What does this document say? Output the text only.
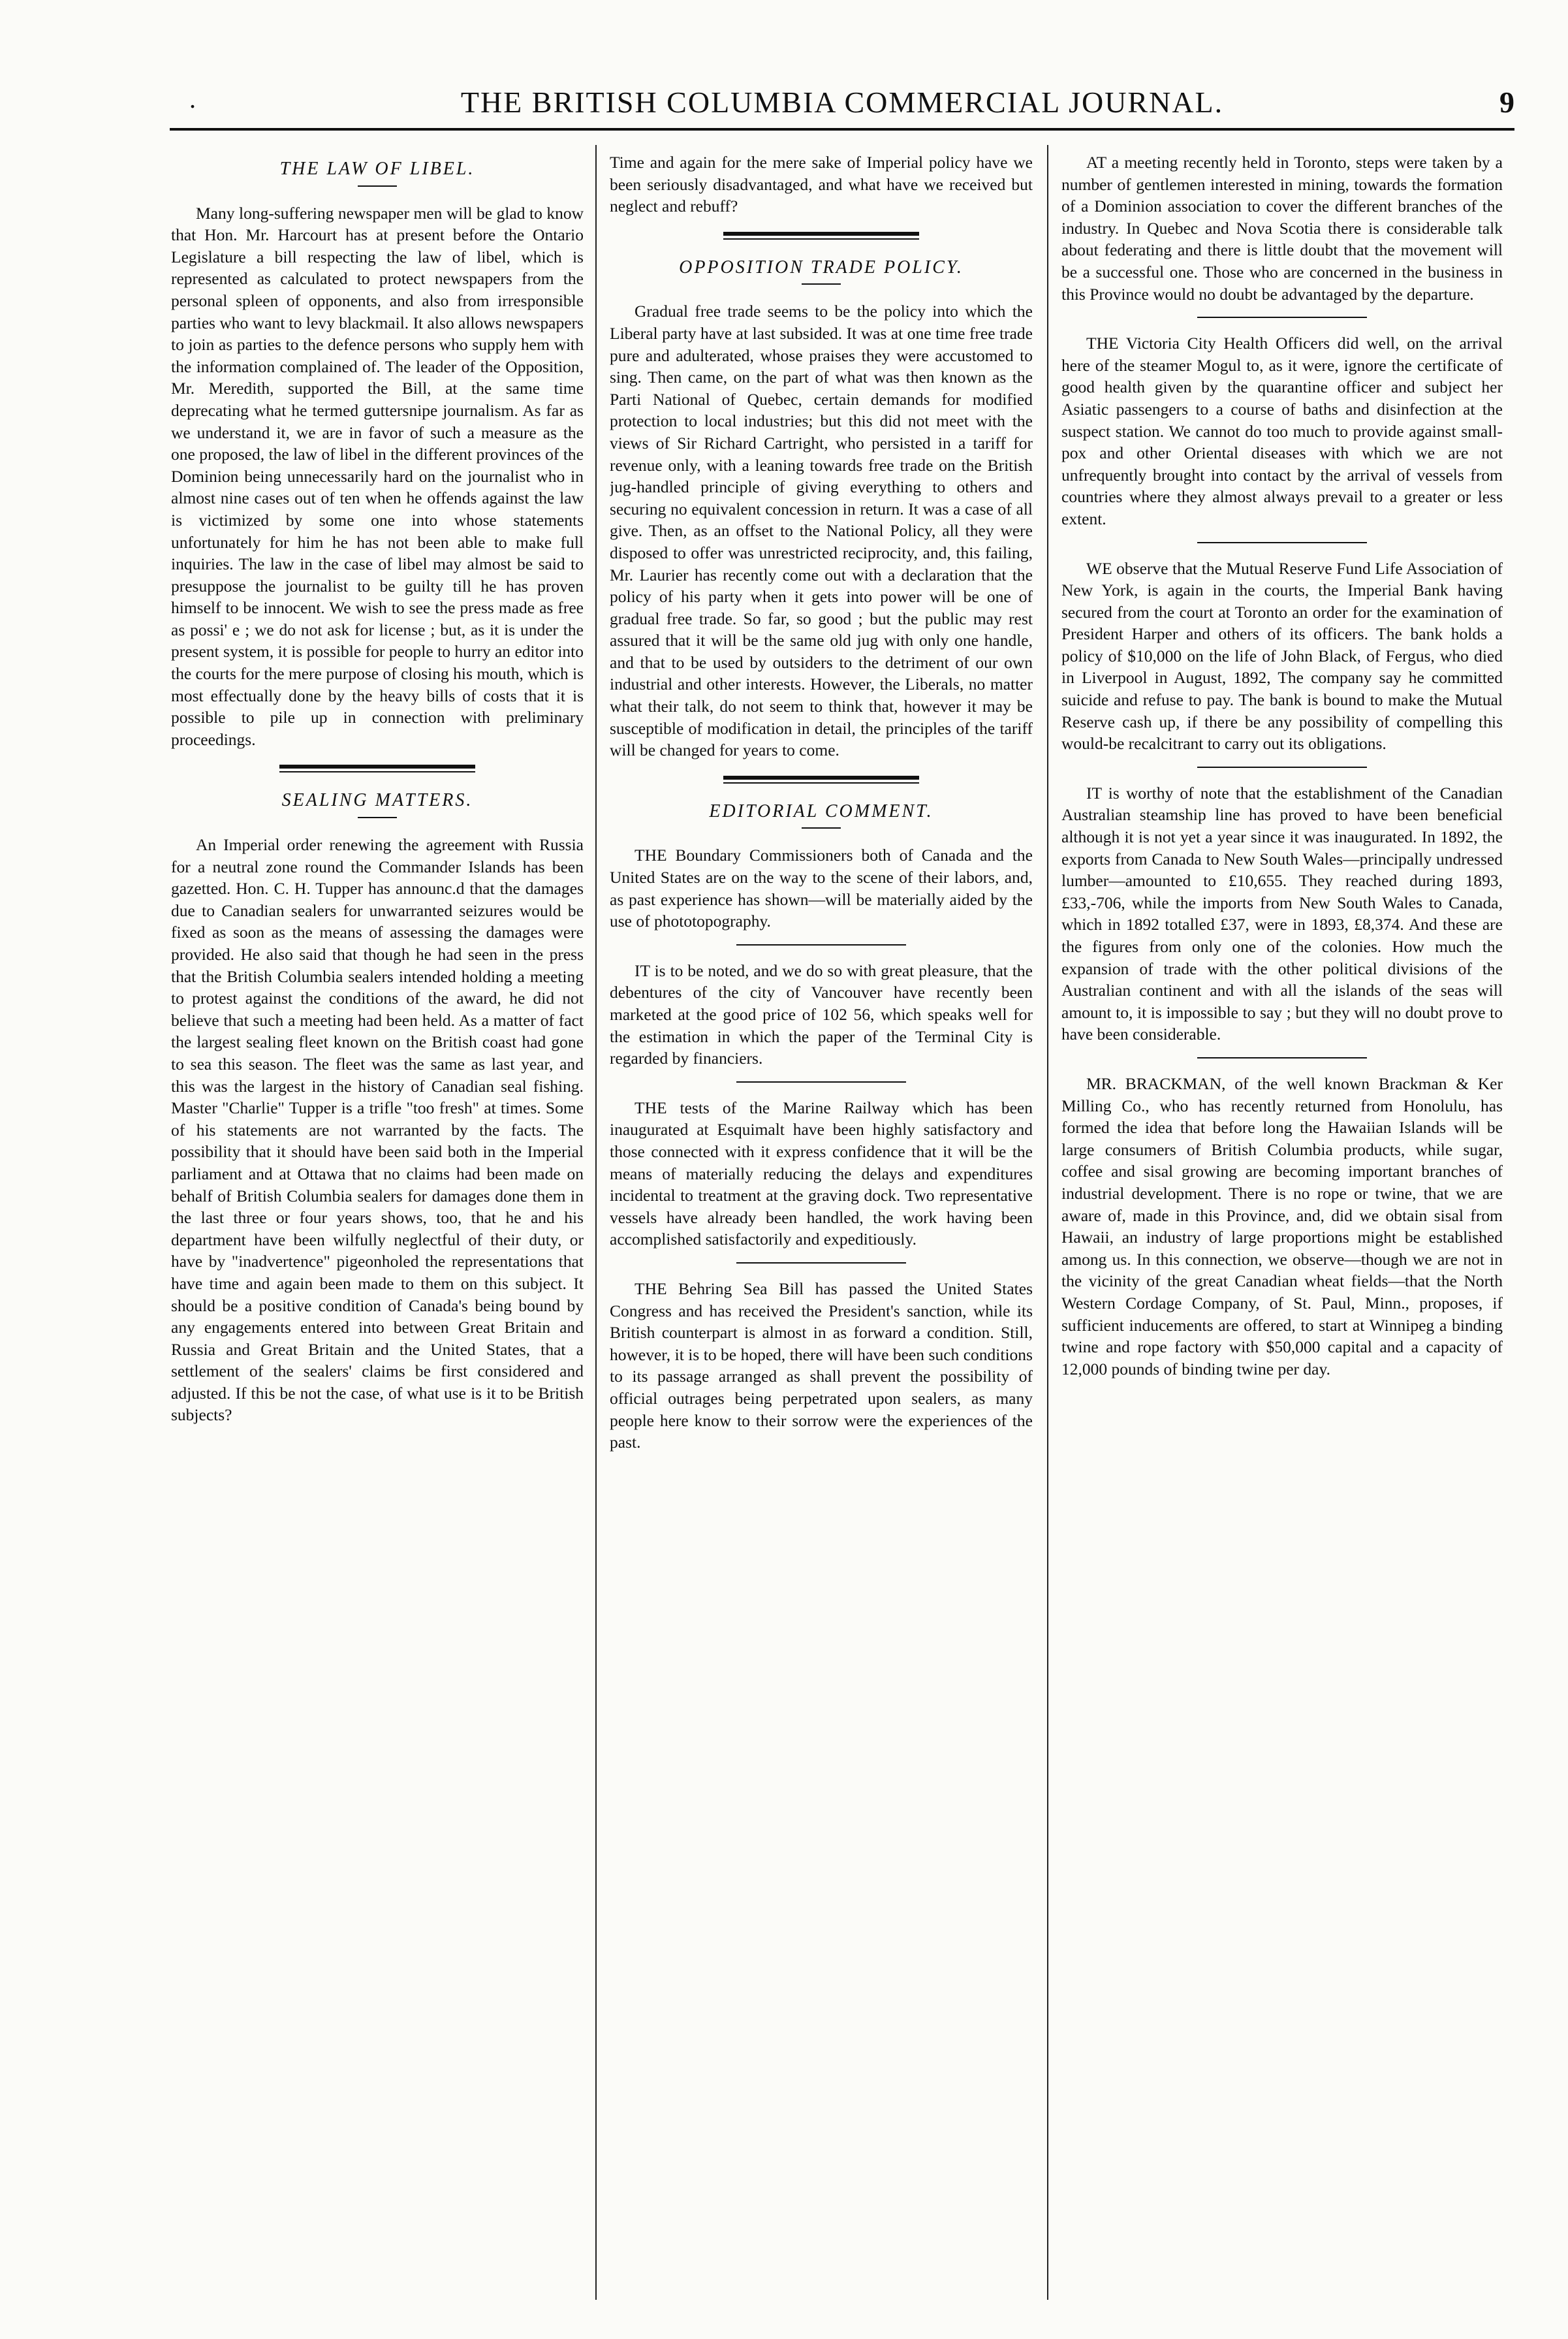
.	THE BRITISH COLUMBIA COMMERCIAL JOURNAL.	9
THE LAW OF LIBEL.

Many long-suffering newspaper men will be glad to know that Hon. Mr. Harcourt has at present before the Ontario Legislature a bill respecting the law of libel, which is represented as calculated to protect newspapers from the personal spleen of opponents, and also from irresponsible parties who want to levy blackmail. It also allows newspapers to join as parties to the defence persons who supply hem with the information complained of. The leader of the Opposition, Mr. Meredith, supported the Bill, at the same time deprecating what he termed guttersnipe journalism. As far as we understand it, we are in favor of such a measure as the one proposed, the law of libel in the different provinces of the Dominion being unnecessarily hard on the journalist who in almost nine cases out of ten when he offends against the law is victimized by some one into whose statements unfortunately for him he has not been able to make full inquiries. The law in the case of libel may almost be said to presuppose the journalist to be guilty till he has proven himself to be innocent. We wish to see the press made as free as possi' e ; we do not ask for license ; but, as it is under the present system, it is possible for people to hurry an editor into the courts for the mere purpose of closing his mouth, which is most effectually done by the heavy bills of costs that it is possible to pile up in connection with preliminary proceedings.

SEALING MATTERS.

An Imperial order renewing the agreement with Russia for a neutral zone round the Commander Islands has been gazetted. Hon. C. H. Tupper has announc.d that the damages due to Canadian sealers for unwarranted seizures would be fixed as soon as the means of assessing the damages were provided. He also said that though he had seen in the press that the British Columbia sealers intended holding a meeting to protest against the conditions of the award, he did not believe that such a meeting had been held. As a matter of fact the largest sealing fleet known on the British coast had gone to sea this season. The fleet was the same as last year, and this was the largest in the history of Canadian seal fishing. Master "Charlie" Tupper is a trifle "too fresh" at times. Some of his statements are not warranted by the facts. The possibility that it should have been said both in the Imperial parliament and at Ottawa that no claims had been made on behalf of British Columbia sealers for damages done them in the last three or four years shows, too, that he and his department have been wilfully neglectful of their duty, or have by "inadvertence" pigeonholed the representations that have time and again been made to them on this subject. It should be a positive condition of Canada's being bound by any engagements entered into between Great Britain and Russia and Great Britain and the United States, that a settlement of the sealers' claims be first considered and adjusted. If this be not the case, of what use is it to be British subjects?

Time and again for the mere sake of Imperial policy have we been seriously disadvantaged, and what have we received but neglect and rebuff?

OPPOSITION TRADE POLICY.

Gradual free trade seems to be the policy into which the Liberal party have at last subsided. It was at one time free trade pure and adulterated, whose praises they were accustomed to sing. Then came, on the part of what was then known as the Parti National of Quebec, certain demands for modified protection to local industries; but this did not meet with the views of Sir Richard Cartright, who persisted in a tariff for revenue only, with a leaning towards free trade on the British jug-handled principle of giving everything to others and securing no equivalent concession in return. It was a case of all give. Then, as an offset to the National Policy, all they were disposed to offer was unrestricted reciprocity, and, this failing, Mr. Laurier has recently come out with a declaration that the policy of his party when it gets into power will be one of gradual free trade. So far, so good ; but the public may rest assured that it will be the same old jug with only one handle, and that to be used by outsiders to the detriment of our own industrial and other interests. However, the Liberals, no matter what their talk, do not seem to think that, however it may be susceptible of modification in detail, the principles of the tariff will be changed for years to come.

EDITORIAL COMMENT.

THE Boundary Commissioners both of Canada and the United States are on the way to the scene of their labors, and, as past experience has shown—will be materially aided by the use of phototopography.

IT is to be noted, and we do so with great pleasure, that the debentures of the city of Vancouver have recently been marketed at the good price of 102 56, which speaks well for the estimation in which the paper of the Terminal City is regarded by financiers.

THE tests of the Marine Railway which has been inaugurated at Esquimalt have been highly satisfactory and those connected with it express confidence that it will be the means of materially reducing the delays and expenditures incidental to treatment at the graving dock. Two representative vessels have already been handled, the work having been accomplished satisfactorily and expeditiously.

THE Behring Sea Bill has passed the United States Congress and has received the President's sanction, while its British counterpart is almost in as forward a condition. Still, however, it is to be hoped, there will have been such conditions to its passage arranged as shall prevent the possibility of official outrages being perpetrated upon sealers, as many people here know to their sorrow were the experiences of the past.

AT a meeting recently held in Toronto, steps were taken by a number of gentlemen interested in mining, towards the formation of a Dominion association to cover the different branches of the industry. In Quebec and Nova Scotia there is considerable talk about federating and there is little doubt that the movement will be a successful one. Those who are concerned in the business in this Province would no doubt be advantaged by the departure.

THE Victoria City Health Officers did well, on the arrival here of the steamer Mogul to, as it were, ignore the certificate of good health given by the quarantine officer and subject her Asiatic passengers to a course of baths and disinfection at the suspect station. We cannot do too much to provide against small-pox and other Oriental diseases with which we are not unfrequently brought into contact by the arrival of vessels from countries where they almost always prevail to a greater or less extent.

WE observe that the Mutual Reserve Fund Life Association of New York, is again in the courts, the Imperial Bank having secured from the court at Toronto an order for the examination of President Harper and others of its officers. The bank holds a policy of $10,000 on the life of John Black, of Fergus, who died in Liverpool in August, 1892, The company say he committed suicide and refuse to pay. The bank is bound to make the Mutual Reserve cash up, if there be any possibility of compelling this would-be recalcitrant to carry out its obligations.

IT is worthy of note that the establishment of the Canadian Australian steamship line has proved to have been beneficial although it is not yet a year since it was inaugurated. In 1892, the exports from Canada to New South Wales—principally undressed lumber—amounted to £10,655. They reached during 1893, £33,-706, while the imports from New South Wales to Canada, which in 1892 totalled £37, were in 1893, £8,374. And these are the figures from only one of the colonies. How much the expansion of trade with the other political divisions of the Australian continent and with all the islands of the seas will amount to, it is impossible to say ; but they will no doubt prove to have been considerable.

MR. BRACKMAN, of the well known Brackman & Ker Milling Co., who has recently returned from Honolulu, has formed the idea that before long the Hawaiian Islands will be large consumers of British Columbia products, while sugar, coffee and sisal growing are becoming important branches of industrial development. There is no rope or twine, that we are aware of, made in this Province, and, did we obtain sisal from Hawaii, an industry of large proportions might be established among us. In this connection, we observe—though we are not in the vicinity of the great Canadian wheat fields—that the North Western Cordage Company, of St. Paul, Minn., proposes, if sufficient inducements are offered, to start at Winnipeg a binding twine and rope factory with $50,000 capital and a capacity of 12,000 pounds of binding twine per day.
